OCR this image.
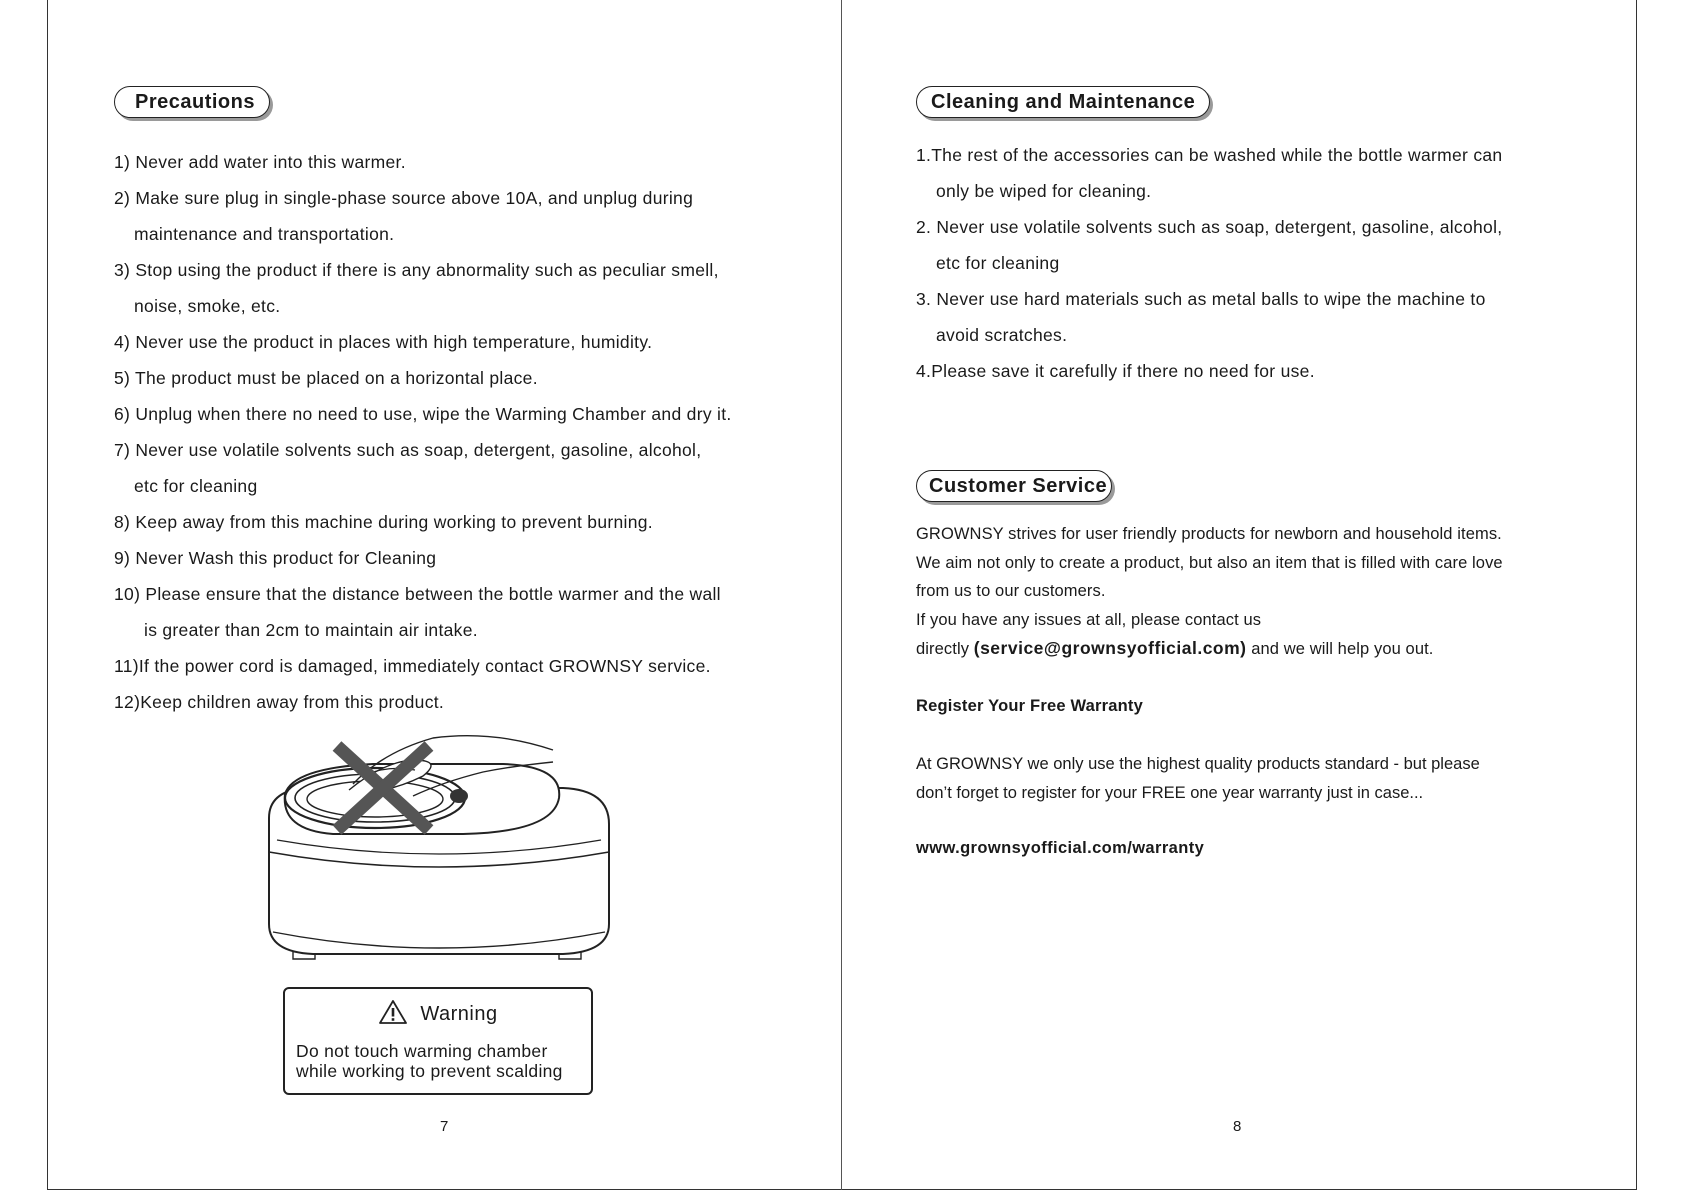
Precautions
1) Never add water into this warmer.
2) Make sure plug in single-phase source above 10A, and unplug during
maintenance and transportation.
3) Stop using the product if there is any abnormality such as peculiar smell,
noise, smoke, etc.
4) Never use the product in places with high temperature, humidity.
5) The product must be placed on a horizontal place.
6) Unplug when there no need to use, wipe the Warming Chamber and dry it.
7) Never use volatile solvents such as soap, detergent, gasoline, alcohol,
etc for cleaning
8) Keep away from this machine during working to prevent burning.
9) Never Wash this product for Cleaning
10) Please ensure that the distance between the bottle warmer and the wall
is greater than 2cm to maintain air intake.
11)If the power cord is damaged, immediately contact GROWNSY service.
12)Keep children away from this product.
Warning
Do not touch warming chamber
while working to prevent scalding
7
Cleaning and Maintenance
1.The rest of the accessories can be washed while the bottle warmer can
only be wiped for cleaning.
2. Never use volatile solvents such as soap, detergent, gasoline, alcohol,
etc for cleaning
3. Never use hard materials such as metal balls to wipe the machine to
avoid scratches.
4.Please save it carefully if there no need for use.
Customer Service
GROWNSY strives for user friendly products for newborn and household items.
We aim not only to create a product, but also an item that is filled with care love
from us to our customers.
If you have any issues at all, please contact us
directly (service@grownsyofficial.com) and we will help you out.
Register Your Free Warranty
At GROWNSY we only use the highest quality products standard - but please
don’t forget to register for your FREE one year warranty just in case...
www.grownsyofficial.com/warranty
8
